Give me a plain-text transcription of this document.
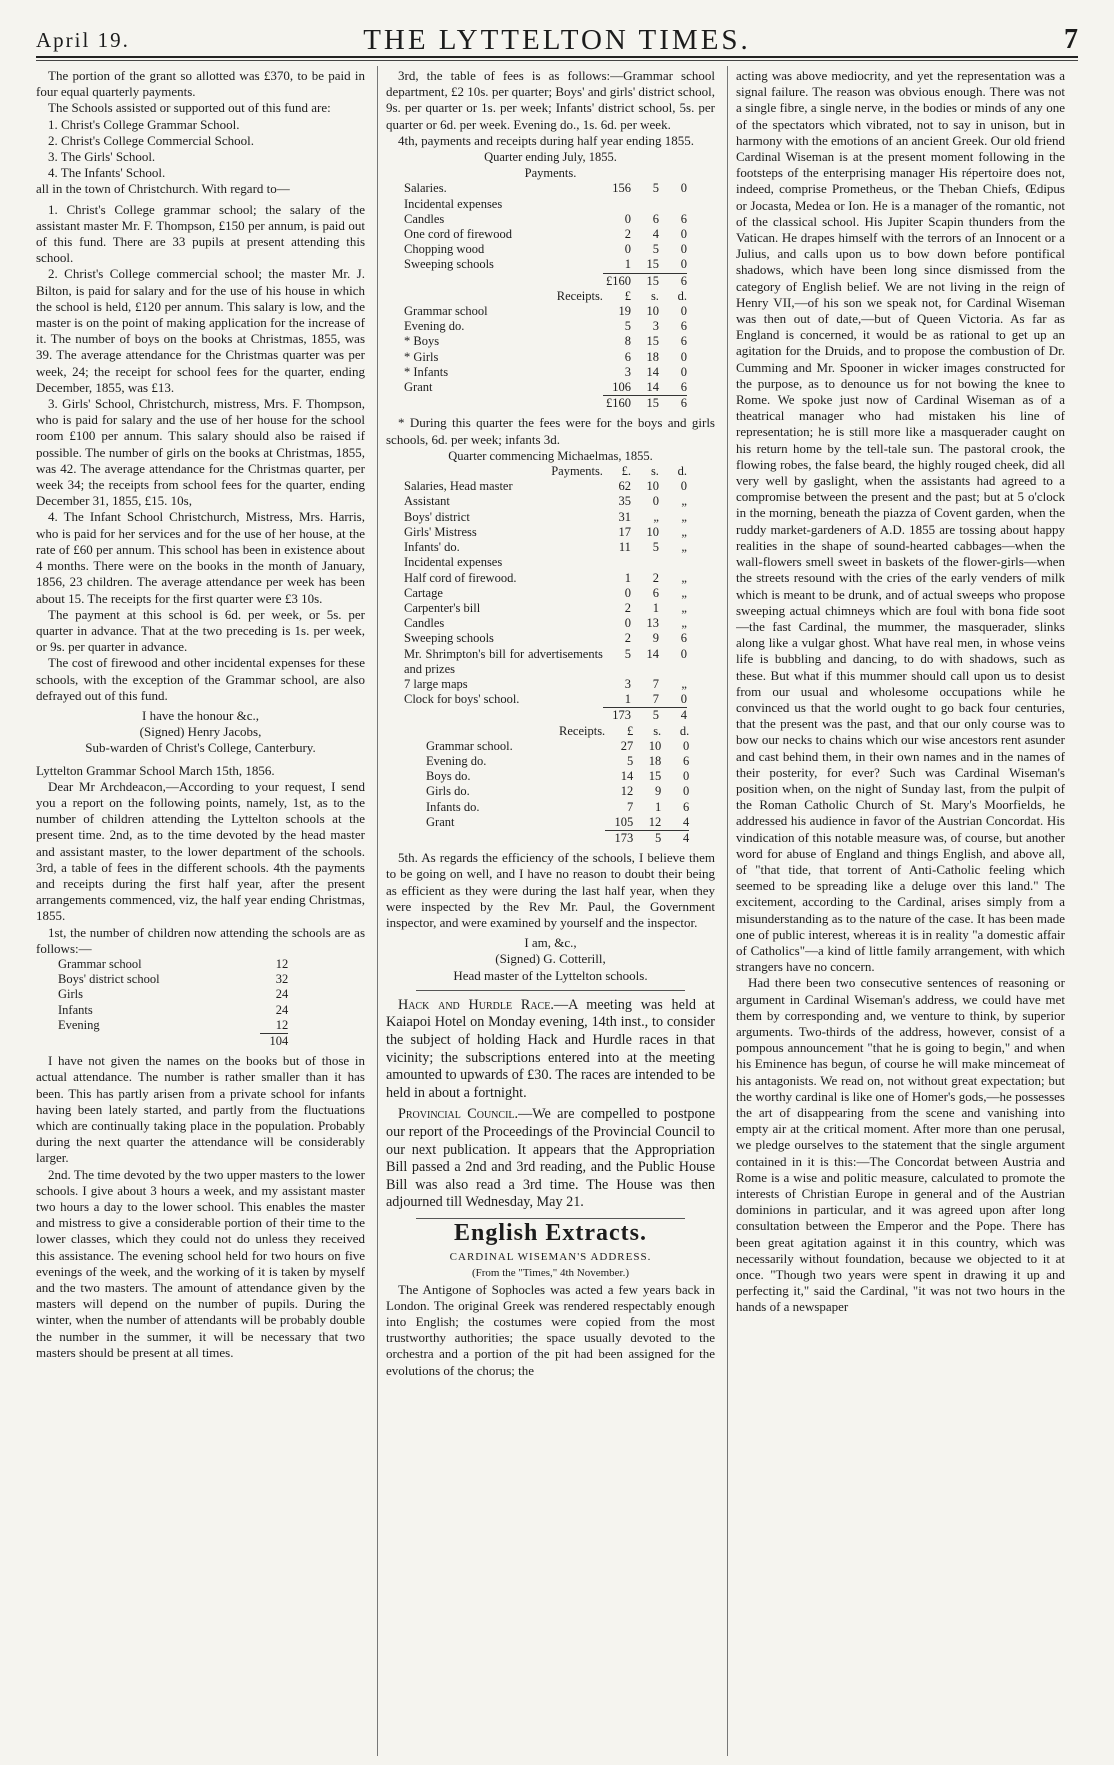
April 19.	THE LYTTELTON TIMES.	7

The portion of the grant so allotted was £370, to be paid in four equal quarterly payments.

The Schools assisted or supported out of this fund are:

1. Christ's College Grammar School.

2. Christ's College Commercial School.

3. The Girls' School.

4. The Infants' School.

all in the town of Christchurch. With regard to—

1. Christ's College grammar school; the salary of the assistant master Mr. F. Thompson, £150 per annum, is paid out of this fund. There are 33 pupils at present attending this school.

2. Christ's College commercial school; the master Mr. J. Bilton, is paid for salary and for the use of his house in which the school is held, £120 per annum. This salary is low, and the master is on the point of making application for the increase of it. The number of boys on the books at Christmas, 1855, was 39. The average attendance for the Christmas quarter was per week, 24; the receipt for school fees for the quarter, ending December, 1855, was £13.

3. Girls' School, Christchurch, mistress, Mrs. F. Thompson, who is paid for salary and the use of her house for the school room £100 per annum. This salary should also be raised if possible. The number of girls on the books at Christmas, 1855, was 42. The average attendance for the Christmas quarter, per week 34; the receipts from school fees for the quarter, ending December 31, 1855, £15. 10s,

4. The Infant School Christchurch, Mistress, Mrs. Harris, who is paid for her services and for the use of her house, at the rate of £60 per annum. This school has been in existence about 4 months. There were on the books in the month of January, 1856, 23 children. The average attendance per week has been about 15. The receipts for the first quarter were £3 10s.

The payment at this school is 6d. per week, or 5s. per quarter in advance. That at the two preceding is 1s. per week, or 9s. per quarter in advance.

The cost of firewood and other incidental expenses for these schools, with the exception of the Grammar school, are also defrayed out of this fund.

I have the honour &c.,

(Signed) Henry Jacobs,

Sub-warden of Christ's College, Canterbury.

Lyttelton Grammar School March 15th, 1856.

Dear Mr Archdeacon,—According to your request, I send you a report on the following points, namely, 1st, as to the number of children attending the Lyttelton schools at the present time. 2nd, as to the time devoted by the head master and assistant master, to the lower department of the schools. 3rd, a table of fees in the different schools. 4th the payments and receipts during the first half year, after the present arrangements commenced, viz, the half year ending Christmas, 1855.

1st, the number of children now attending the schools are as follows:—

Grammar school	12
Boys' district school	32
Girls	24
Infants	24
Evening	12
	104

I have not given the names on the books but of those in actual attendance. The number is rather smaller than it has been. This has partly arisen from a private school for infants having been lately started, and partly from the fluctuations which are continually taking place in the population. Probably during the next quarter the attendance will be considerably larger.

2nd. The time devoted by the two upper masters to the lower schools. I give about 3 hours a week, and my assistant master two hours a day to the lower school. This enables the master and mistress to give a considerable portion of their time to the lower classes, which they could not do unless they received this assistance. The evening school held for two hours on five evenings of the week, and the working of it is taken by myself and the two masters. The amount of attendance given by the masters will depend on the number of pupils. During the winter, when the number of attendants will be probably double the number in the summer, it will be necessary that two masters should be present at all times.

3rd, the table of fees is as follows:—Grammar school department, £2 10s. per quarter; Boys' and girls' district school, 9s. per quarter or 1s. per week; Infants' district school, 5s. per quarter or 6d. per week. Evening do., 1s. 6d. per week.

4th, payments and receipts during half year ending 1855.

Quarter ending July, 1855.

Payments.

Salaries.	156	5	0
Incidental expenses			
Candles	0	6	6
One cord of firewood	2	4	0
Chopping wood	0	5	0
Sweeping schools	1	15	0
	£160	15	6
Receipts.	£	s.	d.
Grammar school	19	10	0
Evening do.	5	3	6
* Boys	8	15	6
* Girls	6	18	0
* Infants	3	14	0
Grant	106	14	6
	£160	15	6

* During this quarter the fees were for the boys and girls schools, 6d. per week; infants 3d.

Quarter commencing Michaelmas, 1855.

Payments.	£.	s.	d.
Salaries, Head master	62	10	0
Assistant	35	0	„
Boys' district	31	„	„
Girls' Mistress	17	10	„
Infants' do.	11	5	„
Incidental expenses			
Half cord of firewood.	1	2	„
Cartage	0	6	„
Carpenter's bill	2	1	„
Candles	0	13	„
Sweeping schools	2	9	6
Mr. Shrimpton's bill for advertisements and prizes	5	14	0
7 large maps	3	7	„
Clock for boys' school.	1	7	0
	173	5	4
Receipts.	£	s.	d.
Grammar school.	27	10	0
Evening do.	5	18	6
Boys do.	14	15	0
Girls do.	12	9	0
Infants do.	7	1	6
Grant	105	12	4
	173	5	4

5th. As regards the efficiency of the schools, I believe them to be going on well, and I have no reason to doubt their being as efficient as they were during the last half year, when they were inspected by the Rev Mr. Paul, the Government inspector, and were examined by yourself and the inspector.

I am, &c.,

(Signed) G. Cotterill,

Head master of the Lyttelton schools.

Hack and Hurdle Race.—A meeting was held at Kaiapoi Hotel on Monday evening, 14th inst., to consider the subject of holding Hack and Hurdle races in that vicinity; the subscriptions entered into at the meeting amounted to upwards of £30. The races are intended to be held in about a fortnight.

Provincial Council.—We are compelled to postpone our report of the Proceedings of the Provincial Council to our next publication. It appears that the Appropriation Bill passed a 2nd and 3rd reading, and the Public House Bill was also read a 3rd time. The House was then adjourned till Wednesday, May 21.

English Extracts.

CARDINAL WISEMAN'S ADDRESS.

(From the "Times," 4th November.)

The Antigone of Sophocles was acted a few years back in London. The original Greek was rendered respectably enough into English; the costumes were copied from the most trustworthy authorities; the space usually devoted to the orchestra and a portion of the pit had been assigned for the evolutions of the chorus; the

acting was above mediocrity, and yet the representation was a signal failure. The reason was obvious enough. There was not a single fibre, a single nerve, in the bodies or minds of any one of the spectators which vibrated, not to say in unison, but in harmony with the emotions of an ancient Greek. Our old friend Cardinal Wiseman is at the present moment following in the footsteps of the enterprising manager His répertoire does not, indeed, comprise Prometheus, or the Theban Chiefs, Œdipus or Jocasta, Medea or Ion. He is a manager of the romantic, not of the classical school. His Jupiter Scapin thunders from the Vatican. He drapes himself with the terrors of an Innocent or a Julius, and calls upon us to bow down before pontifical shadows, which have been long since dismissed from the category of English belief. We are not living in the reign of Henry VII,—of his son we speak not, for Cardinal Wiseman was then out of date,—but of Queen Victoria. As far as England is concerned, it would be as rational to get up an agitation for the Druids, and to propose the combustion of Dr. Cumming and Mr. Spooner in wicker images constructed for the purpose, as to denounce us for not bowing the knee to Rome. We spoke just now of Cardinal Wiseman as of a theatrical manager who had mistaken his line of representation; he is still more like a masquerader caught on his return home by the tell-tale sun. The pastoral crook, the flowing robes, the false beard, the highly rouged cheek, did all very well by gaslight, when the assistants had agreed to a compromise between the present and the past; but at 5 o'clock in the morning, beneath the piazza of Covent garden, when the ruddy market-gardeners of A.D. 1855 are tossing about happy realities in the shape of sound-hearted cabbages—when the wall-flowers smell sweet in baskets of the flower-girls—when the streets resound with the cries of the early venders of milk which is meant to be drunk, and of actual sweeps who propose sweeping actual chimneys which are foul with bona fide soot—the fast Cardinal, the mummer, the masquerader, slinks along like a vulgar ghost. What have real men, in whose veins life is bubbling and dancing, to do with shadows, such as these. But what if this mummer should call upon us to desist from our usual and wholesome occupations while he convinced us that the world ought to go back four centuries, that the present was the past, and that our only course was to bow our necks to chains which our wise ancestors rent asunder and cast behind them, in their own names and in the names of their posterity, for ever? Such was Cardinal Wiseman's position when, on the night of Sunday last, from the pulpit of the Roman Catholic Church of St. Mary's Moorfields, he addressed his audience in favor of the Austrian Concordat. His vindication of this notable measure was, of course, but another word for abuse of England and things English, and above all, of "that tide, that torrent of Anti-Catholic feeling which seemed to be spreading like a deluge over this land." The excitement, according to the Cardinal, arises simply from a misunderstanding as to the nature of the case. It has been made one of public interest, whereas it is in reality "a domestic affair of Catholics"—a kind of little family arrangement, with which strangers have no concern.

Had there been two consecutive sentences of reasoning or argument in Cardinal Wiseman's address, we could have met them by corresponding and, we venture to think, by superior arguments. Two-thirds of the address, however, consist of a pompous announcement "that he is going to begin," and when his Eminence has begun, of course he will make mincemeat of his antagonists. We read on, not without great expectation; but the worthy cardinal is like one of Homer's gods,—he possesses the art of disappearing from the scene and vanishing into empty air at the critical moment. After more than one perusal, we pledge ourselves to the statement that the single argument contained in it is this:—The Concordat between Austria and Rome is a wise and politic measure, calculated to promote the interests of Christian Europe in general and of the Austrian dominions in particular, and it was agreed upon after long consultation between the Emperor and the Pope. There has been great agitation against it in this country, which was necessarily without foundation, because we objected to it at once. "Though two years were spent in drawing it up and perfecting it," said the Cardinal, "it was not two hours in the hands of a newspaper
